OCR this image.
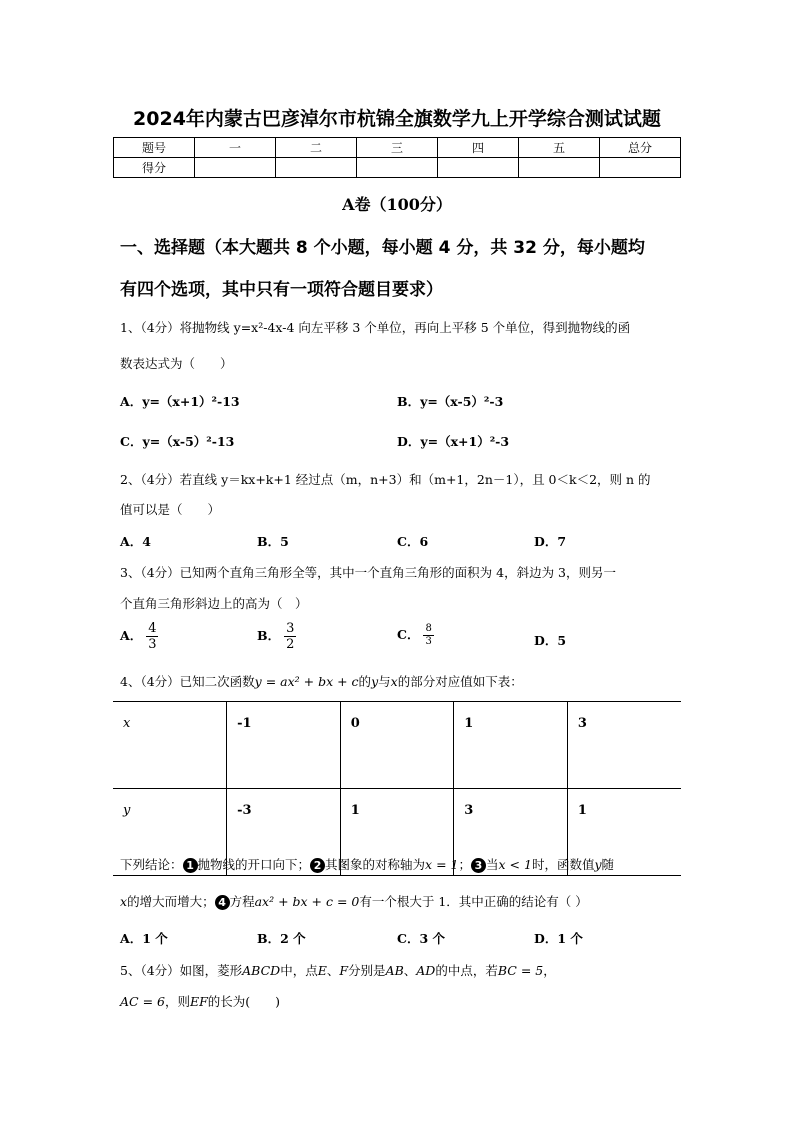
2024年内蒙古巴彦淖尔市杭锦全旗数学九上开学综合测试试题
题号	一	二	三	四	五	总分
得分						
A卷（100分）
一、选择题（本大题共 8 个小题，每小题 4 分，共 32 分，每小题均
有四个选项，其中只有一项符合题目要求）
1、（4分）将抛物线 y=x²-4x-4 向左平移 3 个单位，再向上平移 5 个单位，得到抛物线的函
数表达式为（　　）
A．y=（x+1）²-13	B．y=（x-5）²-3
C．y=（x-5）²-13	D．y=（x+1）²-3
2、（4分）若直线 y＝kx+k+1 经过点（m，n+3）和（m+1，2n－1），且 0＜k＜2，则 n 的
值可以是（　　）
A．4	B．5	C．6	D．7
3、（4分）已知两个直角三角形全等，其中一个直角三角形的面积为 4，斜边为 3，则另一
个直角三角形斜边上的高为（　）
A． $\frac{4}{3}$	B． $\frac{3}{2}$	C． $\frac{8}{3}$	D．5
4、（4分）已知二次函数y = ax² + bx + c的y与x的部分对应值如下表：
x	-1	0	1	3
y	-3	1	3	1
下列结论： 1 抛物线的开口向下； 2 其图象的对称轴为x = 1； 3 当x < 1时，函数值y随
x的增大而增大； 4 方程ax² + bx + c = 0有一个根大于 1．其中正确的结论有（ ）
A．1 个	B．2 个	C．3 个	D．1 个
5、（4分）如图，菱形ABCD中，点E、F分别是AB、AD的中点，若BC = 5，
AC = 6，则EF的长为(　　)
